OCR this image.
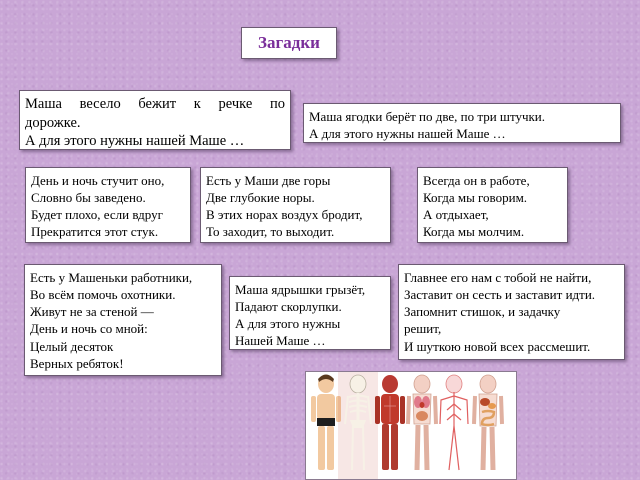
Загадки
Маша весело бежит к речке по
дорожке.
А для этого нужны нашей Маше …
Маша ягодки берёт по две, по три штучки.
А для этого нужны нашей Маше …
День и ночь стучит оно,
Словно бы заведено.
Будет плохо, если вдруг
Прекратится этот стук.
Есть у Маши две горы
Две глубокие норы.
В этих норах воздух бродит,
То заходит, то выходит.
Всегда он в работе,
Когда мы говорим.
А отдыхает,
Когда мы молчим.
Есть у Машеньки работники,
Во всём помочь охотники.
Живут не за стеной —
День и ночь со мной:
Целый десяток
Верных ребяток!
Маша ядрышки грызёт,
Падают скорлупки.
А для этого нужны
Нашей Маше …
Главнее его нам с тобой не найти,
Заставит он сесть и заставит идти.
Запомнит стишок, и задачку
решит,
И шуткою новой всех рассмешит.
